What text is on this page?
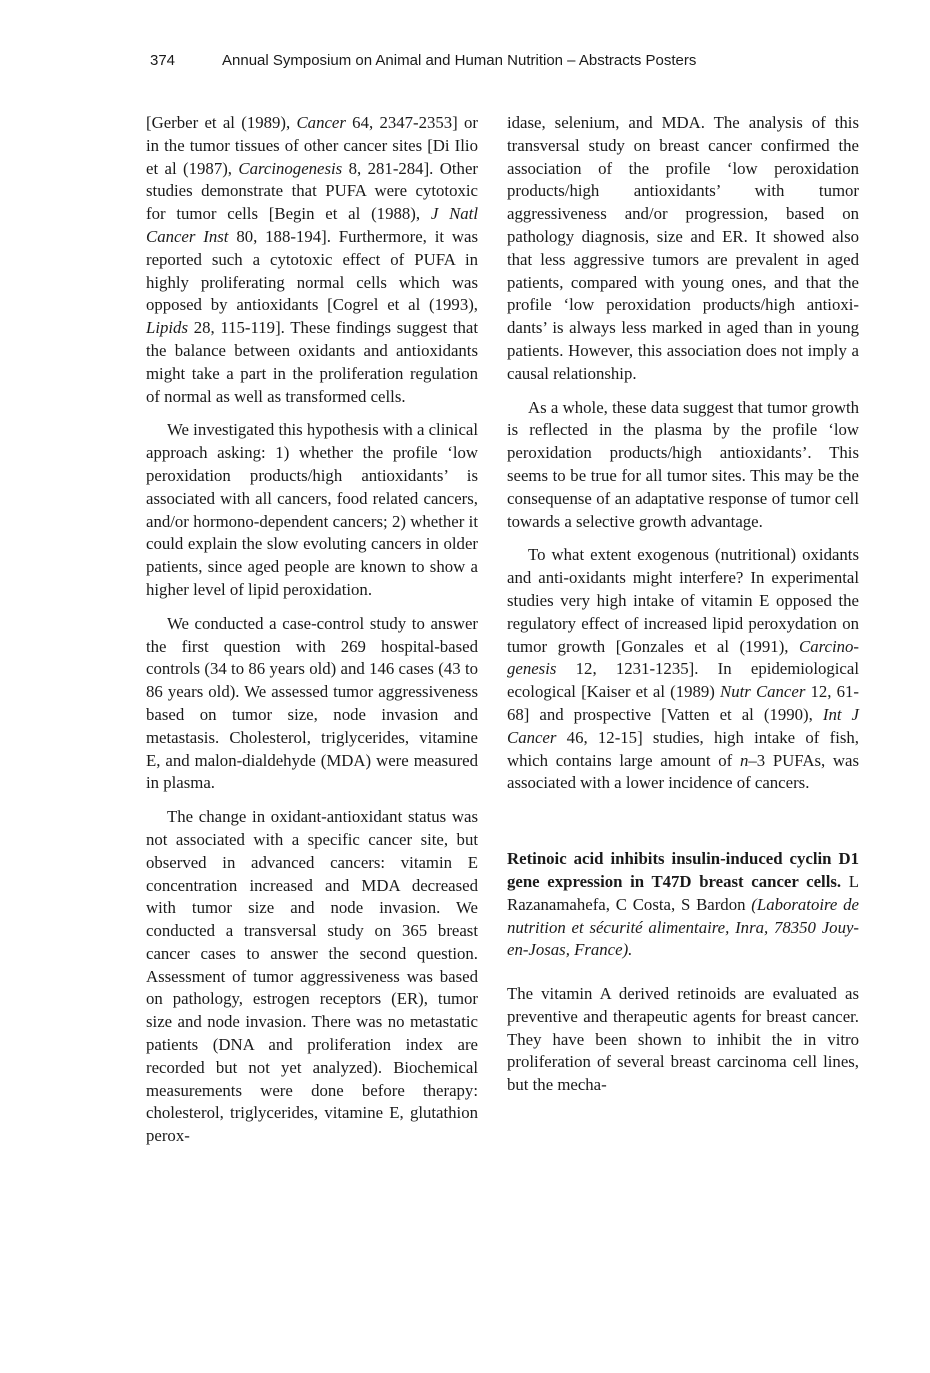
374	Annual Symposium on Animal and Human Nutrition – Abstracts Posters

[Gerber et al (1989), Cancer 64, 2347-2353] or in the tumor tissues of other cancer sites [Di Ilio et al (1987), Carcinogenesis 8, 281-284]. Other studies demonstrate that PUFA were cytotoxic for tumor cells [Begin et al (1988), J Natl Cancer Inst 80, 188-194]. Furthermore, it was reported such a cytotoxic effect of PUFA in highly proliferating normal cells which was opposed by antioxidants [Cogrel et al (1993), Lipids 28, 115-119]. These findings suggest that the balance between oxidants and antioxidants might take a part in the proliferation regulation of normal as well as transformed cells.

We investigated this hypothesis with a clinical approach asking: 1) whether the profile ‘low peroxidation products/high antioxidants’ is associated with all cancers, food related cancers, and/or hormono-dependent cancers; 2) whether it could explain the slow evoluting cancers in older patients, since aged people are known to show a higher level of lipid peroxidation.

We conducted a case-control study to answer the first question with 269 hospital-based controls (34 to 86 years old) and 146 cases (43 to 86 years old). We assessed tumor aggressiveness based on tumor size, node invasion and metastasis. Cholesterol, triglycerides, vitamine E, and malon-dialdehyde (MDA) were measured in plasma.

The change in oxidant-antioxidant status was not associated with a specific cancer site, but observed in advanced cancers: vitamin E concentration increased and MDA decreased with tumor size and node invasion. We conducted a transversal study on 365 breast cancer cases to answer the second question. Assessment of tumor aggressiveness was based on pathology, estrogen receptors (ER), tumor size and node invasion. There was no metastatic patients (DNA and proliferation index are recorded but not yet analyzed). Biochemical measurements were done before therapy: cholesterol, triglycerides, vitamine E, glutathion perox-

idase, selenium, and MDA. The analysis of this transversal study on breast cancer confirmed the association of the profile ‘low peroxidation products/high antioxidants’ with tumor aggressiveness and/or progression, based on pathology diagnosis, size and ER. It showed also that less aggressive tumors are prevalent in aged patients, compared with young ones, and that the profile ‘low peroxidation products/high antioxidants’ is always less marked in aged than in young patients. However, this association does not imply a causal relationship.

As a whole, these data suggest that tumor growth is reflected in the plasma by the profile ‘low peroxidation products/high antioxidants’. This seems to be true for all tumor sites. This may be the consequense of an adaptative response of tumor cell towards a selective growth advantage.

To what extent exogenous (nutritional) oxidants and anti-oxidants might interfere? In experimental studies very high intake of vitamin E opposed the regulatory effect of increased lipid peroxydation on tumor growth [Gonzales et al (1991), Carcinogenesis 12, 1231-1235]. In epidemiological ecological [Kaiser et al (1989) Nutr Cancer 12, 61-68] and prospective [Vatten et al (1990), Int J Cancer 46, 12-15] studies, high intake of fish, which contains large amount of n–3 PUFAs, was associated with a lower incidence of cancers.

Retinoic acid inhibits insulin-induced cyclin D1 gene expression in T47D breast cancer cells. L Razanamahefa, C Costa, S Bardon (Laboratoire de nutrition et sécurité alimentaire, Inra, 78350 Jouy-en-Josas, France).

The vitamin A derived retinoids are evaluated as preventive and therapeutic agents for breast cancer. They have been shown to inhibit the in vitro proliferation of several breast carcinoma cell lines, but the mecha-
